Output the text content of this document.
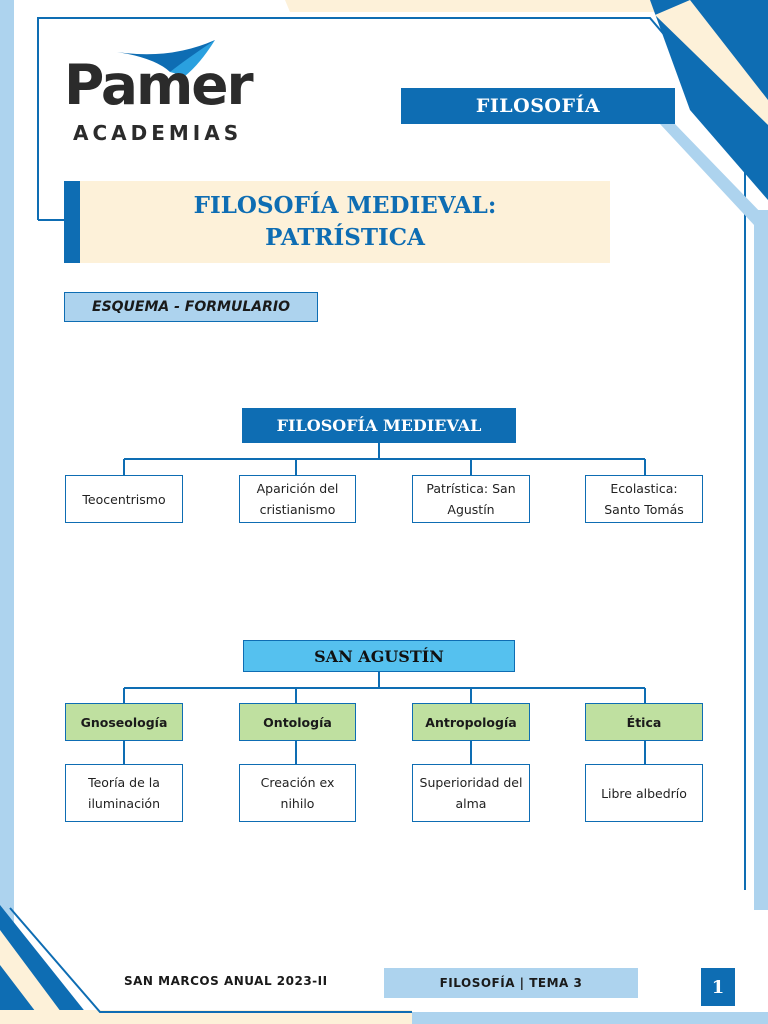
Pamer
ACADEMIAS
FILOSOFÍA
FILOSOFÍA MEDIEVAL:
PATRÍSTICA
ESQUEMA - FORMULARIO
FILOSOFÍA MEDIEVAL
Teocentrismo
Aparición del cristianismo
Patrística: San Agustín
Ecolastica: Santo Tomás
SAN AGUSTÍN
Gnoseología	Ontología	Antropología	Ética
Teoría de la iluminación
Creación ex nihilo
Superioridad del alma
Libre albedrío
SAN MARCOS ANUAL 2023-II	FILOSOFÍA | TEMA 3	1
